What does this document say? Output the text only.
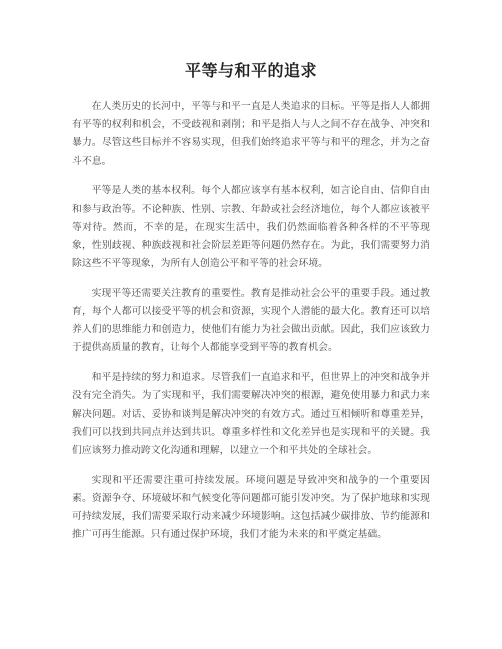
平等与和平的追求

在人类历史的长河中，平等与和平一直是人类追求的目标。平等是指人人都拥有平等的权利和机会，不受歧视和剥削；和平是指人与人之间不存在战争、冲突和暴力。尽管这些目标并不容易实现，但我们始终追求平等与和平的理念，并为之奋斗不息。

平等是人类的基本权利。每个人都应该享有基本权利，如言论自由、信仰自由和参与政治等。不论种族、性别、宗教、年龄或社会经济地位，每个人都应该被平等对待。然而，不幸的是，在现实生活中，我们仍然面临着各种各样的不平等现象，性别歧视、种族歧视和社会阶层差距等问题仍然存在。为此，我们需要努力消除这些不平等现象，为所有人创造公平和平等的社会环境。

实现平等还需要关注教育的重要性。教育是推动社会公平的重要手段。通过教育，每个人都可以接受平等的机会和资源，实现个人潜能的最大化。教育还可以培养人们的思维能力和创造力，使他们有能力为社会做出贡献。因此，我们应该致力于提供高质量的教育，让每个人都能享受到平等的教育机会。

和平是持续的努力和追求。尽管我们一直追求和平，但世界上的冲突和战争并没有完全消失。为了实现和平，我们需要解决冲突的根源，避免使用暴力和武力来解决问题。对话、妥协和谈判是解决冲突的有效方式。通过互相倾听和尊重差异，我们可以找到共同点并达到共识。尊重多样性和文化差异也是实现和平的关键。我们应该努力推动跨文化沟通和理解，以建立一个和平共处的全球社会。

实现和平还需要注重可持续发展。环境问题是导致冲突和战争的一个重要因素。资源争夺、环境破坏和气候变化等问题都可能引发冲突。为了保护地球和实现可持续发展，我们需要采取行动来减少环境影响。这包括减少碳排放、节约能源和推广可再生能源。只有通过保护环境，我们才能为未来的和平奠定基础。
